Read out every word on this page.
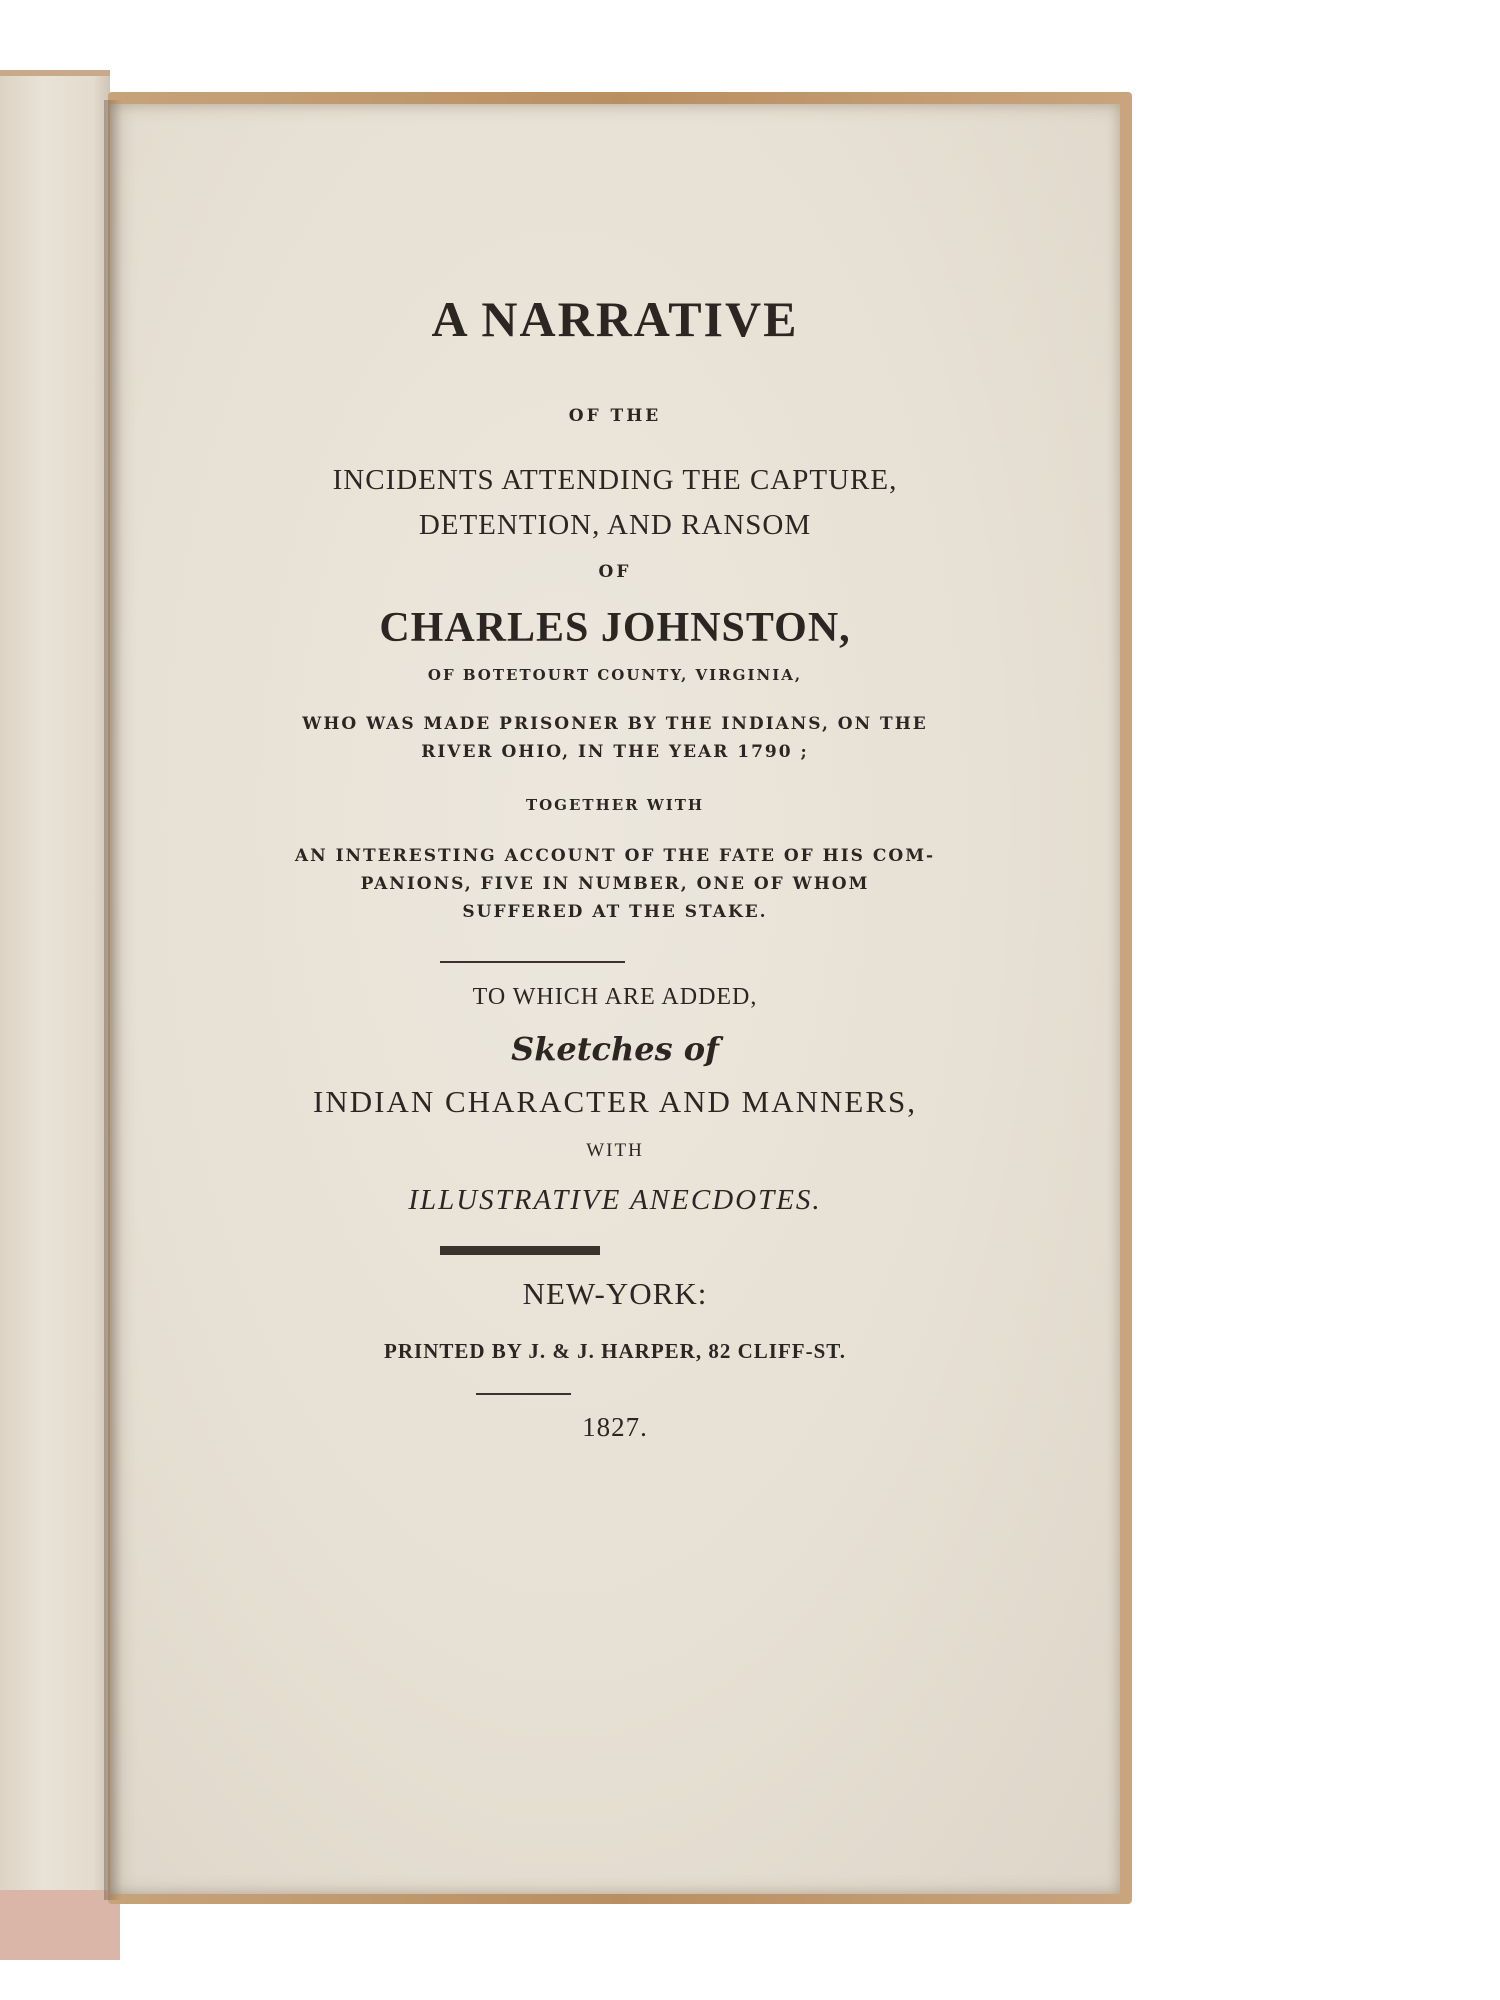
A NARRATIVE
OF THE
INCIDENTS ATTENDING THE CAPTURE,
DETENTION, AND RANSOM
OF
CHARLES JOHNSTON,
OF BOTETOURT COUNTY, VIRGINIA,
WHO WAS MADE PRISONER BY THE INDIANS, ON THE
RIVER OHIO, IN THE YEAR 1790 ;
TOGETHER WITH
AN INTERESTING ACCOUNT OF THE FATE OF HIS COM-
PANIONS, FIVE IN NUMBER, ONE OF WHOM
SUFFERED AT THE STAKE.
TO WHICH ARE ADDED,
Sketches of
INDIAN CHARACTER AND MANNERS,
WITH
ILLUSTRATIVE ANECDOTES.
NEW-YORK:
PRINTED BY J. & J. HARPER, 82 CLIFF-ST.
1827.
